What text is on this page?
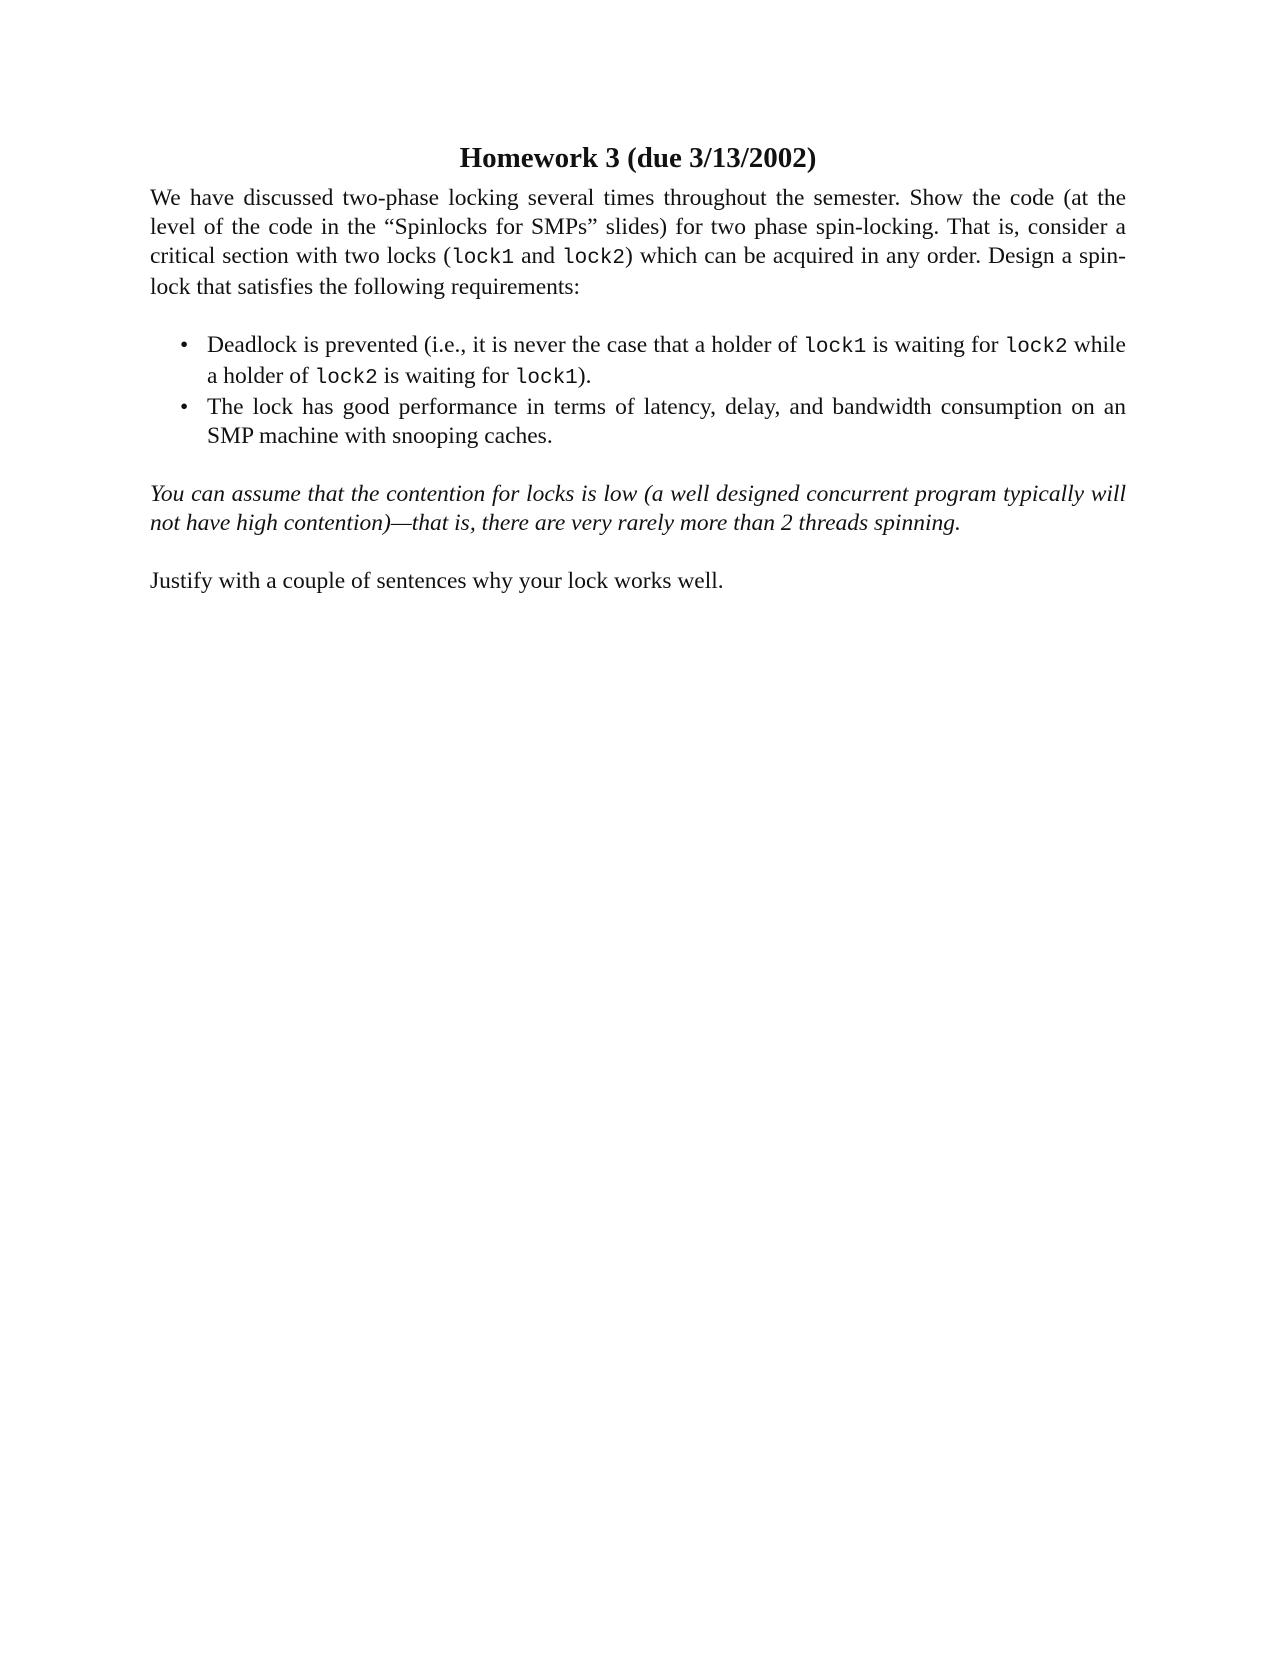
Homework 3 (due 3/13/2002)

We have discussed two-phase locking several times throughout the semester. Show the code (at the level of the code in the “Spinlocks for SMPs” slides) for two phase spin-locking. That is, consider a critical section with two locks (lock1 and lock2) which can be acquired in any order. Design a spin-lock that satisfies the following requirements:

• Deadlock is prevented (i.e., it is never the case that a holder of lock1 is waiting for lock2 while a holder of lock2 is waiting for lock1).
• The lock has good performance in terms of latency, delay, and bandwidth consumption on an SMP machine with snooping caches.

You can assume that the contention for locks is low (a well designed concurrent program typically will not have high contention)—that is, there are very rarely more than 2 threads spinning.

Justify with a couple of sentences why your lock works well.
